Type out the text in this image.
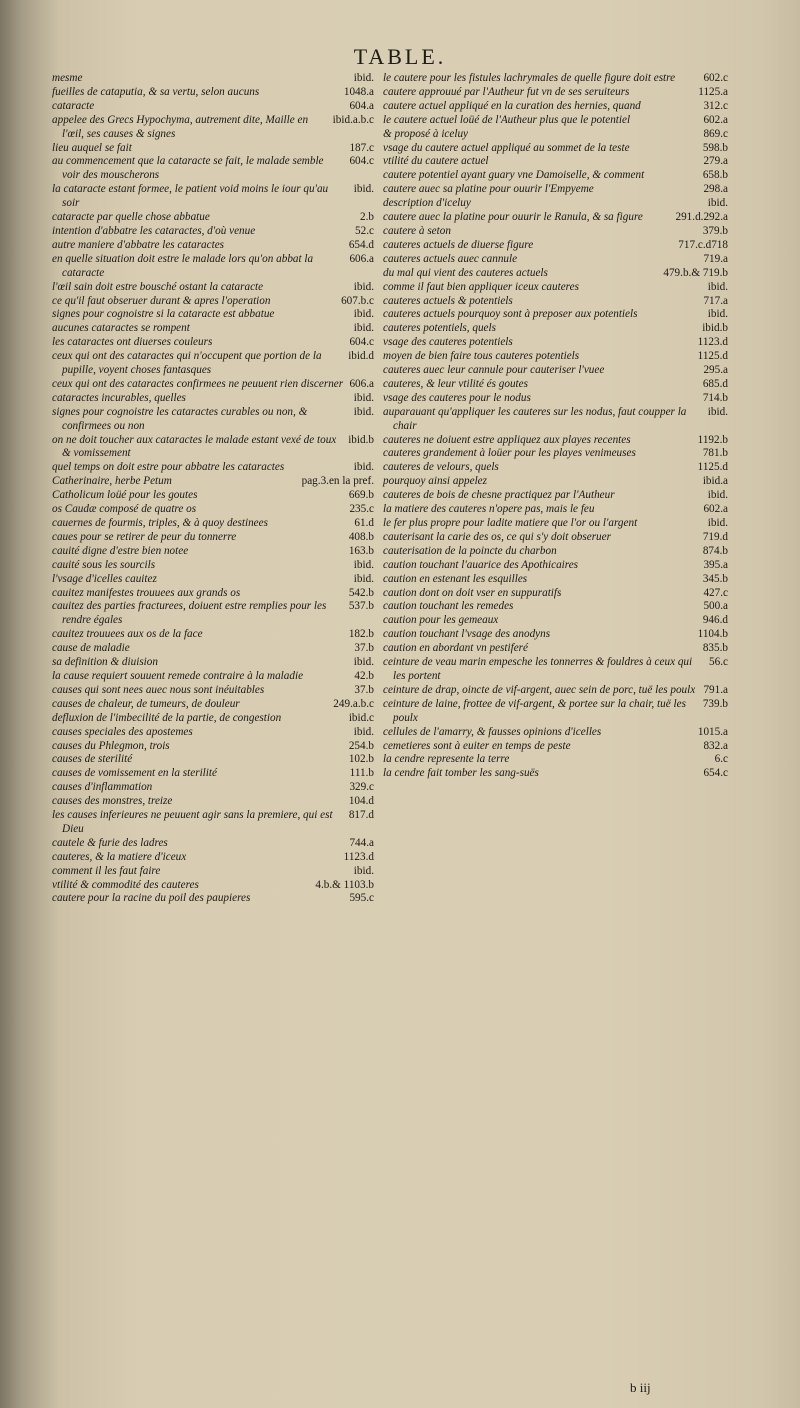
TABLE.
ibid.
mesme
1048.a
fueilles de cataputia, & sa vertu, selon aucuns
604.a
cataracte
ibid.a.b.c
appelee des Grecs Hypochyma, autrement dite, Maille en l'œil, ses causes & signes
187.c
lieu auquel se fait
604.c
au commencement que la cataracte se fait, le malade semble voir des mouscherons
ibid.
la cataracte estant formee, le patient void moins le iour qu'au soir
2.b
cataracte par quelle chose abbatue
52.c
intention d'abbatre les cataractes, d'où venue
654.d
autre maniere d'abbatre les cataractes
606.a
en quelle situation doit estre le malade lors qu'on abbat la cataracte
ibid.
l'œil sain doit estre bousché ostant la cataracte
607.b.c
ce qu'il faut obseruer durant & apres l'operation
ibid.
signes pour cognoistre si la cataracte est abbatue
ibid.
aucunes cataractes se rompent
604.c
les cataractes ont diuerses couleurs
ibid.d
ceux qui ont des cataractes qui n'occupent que portion de la pupille, voyent choses fantasques
606.a
ceux qui ont des cataractes confirmees ne peuuent rien discerner
ibid.
cataractes incurables, quelles
ibid.
signes pour cognoistre les cataractes curables ou non, & confirmees ou non
ibid.b
on ne doit toucher aux cataractes le malade estant vexé de toux & vomissement
ibid.
quel temps on doit estre pour abbatre les cataractes
pag.3.en la pref.
Catherinaire, herbe Petum
669.b
Catholicum loüé pour les goutes
235.c
os Caudæ composé de quatre os
61.d
cauernes de fourmis, triples, & à quoy destinees
408.b
caues pour se retirer de peur du tonnerre
163.b
cauité digne d'estre bien notee
ibid.
cauité sous les sourcils
ibid.
l'vsage d'icelles cauitez
542.b
cauitez manifestes trouuees aux grands os
537.b
cauitez des parties fracturees, doiuent estre remplies pour les rendre égales
182.b
cauitez trouuees aux os de la face
37.b
cause de maladie
ibid.
sa definition & diuision
42.b
la cause requiert souuent remede contraire à la maladie
37.b
causes qui sont nees auec nous sont inéuitables
249.a.b.c
causes de chaleur, de tumeurs, de douleur
ibid.c
defluxion de l'imbecilité de la partie, de congestion
ibid.
causes speciales des apostemes
254.b
causes du Phlegmon, trois
102.b
causes de sterilité
111.b
causes de vomissement en la sterilité
329.c
causes d'inflammation
104.d
causes des monstres, treize
817.d
les causes inferieures ne peuuent agir sans la premiere, qui est Dieu
744.a
cautele & furie des ladres
1123.d
cauteres, & la matiere d'iceux
ibid.
comment il les faut faire
4.b.& 1103.b
vtilité & commodité des cauteres
595.c
cautere pour la racine du poil des paupieres
602.c
le cautere pour les fistules lachrymales de quelle figure doit estre
1125.a
cautere approuué par l'Autheur fut vn de ses seruiteurs
312.c
cautere actuel appliqué en la curation des hernies, quand
602.a
le cautere actuel loüé de l'Autheur plus que le potentiel
869.c
& proposé à iceluy
598.b
vsage du cautere actuel appliqué au sommet de la teste
279.a
vtilité du cautere actuel
658.b
cautere potentiel ayant guary vne Damoiselle, & comment
298.a
cautere auec sa platine pour ouurir l'Empyeme
ibid.
description d'iceluy
291.d.292.a
cautere auec la platine pour ouurir le Ranula, & sa figure
379.b
cautere à seton
717.c.d718
cauteres actuels de diuerse figure
719.a
cauteres actuels auec cannule
479.b.& 719.b
du mal qui vient des cauteres actuels
ibid.
comme il faut bien appliquer iceux cauteres
717.a
cauteres actuels & potentiels
ibid.
cauteres actuels pourquoy sont à preposer aux potentiels
ibid.b
cauteres potentiels, quels
1123.d
vsage des cauteres potentiels
1125.d
moyen de bien faire tous cauteres potentiels
295.a
cauteres auec leur cannule pour cauteriser l'vuee
685.d
cauteres, & leur vtilité és goutes
714.b
vsage des cauteres pour le nodus
ibid.
auparauant qu'appliquer les cauteres sur les nodus, faut coupper la chair
1192.b
cauteres ne doiuent estre appliquez aux playes recentes
781.b
cauteres grandement à loüer pour les playes venimeuses
1125.d
cauteres de velours, quels
ibid.a
pourquoy ainsi appelez
ibid.
cauteres de bois de chesne practiquez par l'Autheur
602.a
la matiere des cauteres n'opere pas, mais le feu
ibid.
le fer plus propre pour ladite matiere que l'or ou l'argent
719.d
cauterisant la carie des os, ce qui s'y doit obseruer
874.b
cauterisation de la poincte du charbon
395.a
caution touchant l'auarice des Apothicaires
345.b
caution en estenant les esquilles
427.c
caution dont on doit vser en suppuratifs
500.a
caution touchant les remedes
946.d
caution pour les gemeaux
1104.b
caution touchant l'vsage des anodyns
835.b
caution en abordant vn pestiferé
56.c
ceinture de veau marin empesche les tonnerres & fouldres à ceux qui les portent
791.a
ceinture de drap, oincte de vif-argent, auec sein de porc, tuë les poulx
739.b
ceinture de laine, frottee de vif-argent, & portee sur la chair, tuë les poulx
1015.a
cellules de l'amarry, & fausses opinions d'icelles
832.a
cemetieres sont à euiter en temps de peste
6.c
la cendre represente la terre
654.c
la cendre fait tomber les sang-suës
b iij
